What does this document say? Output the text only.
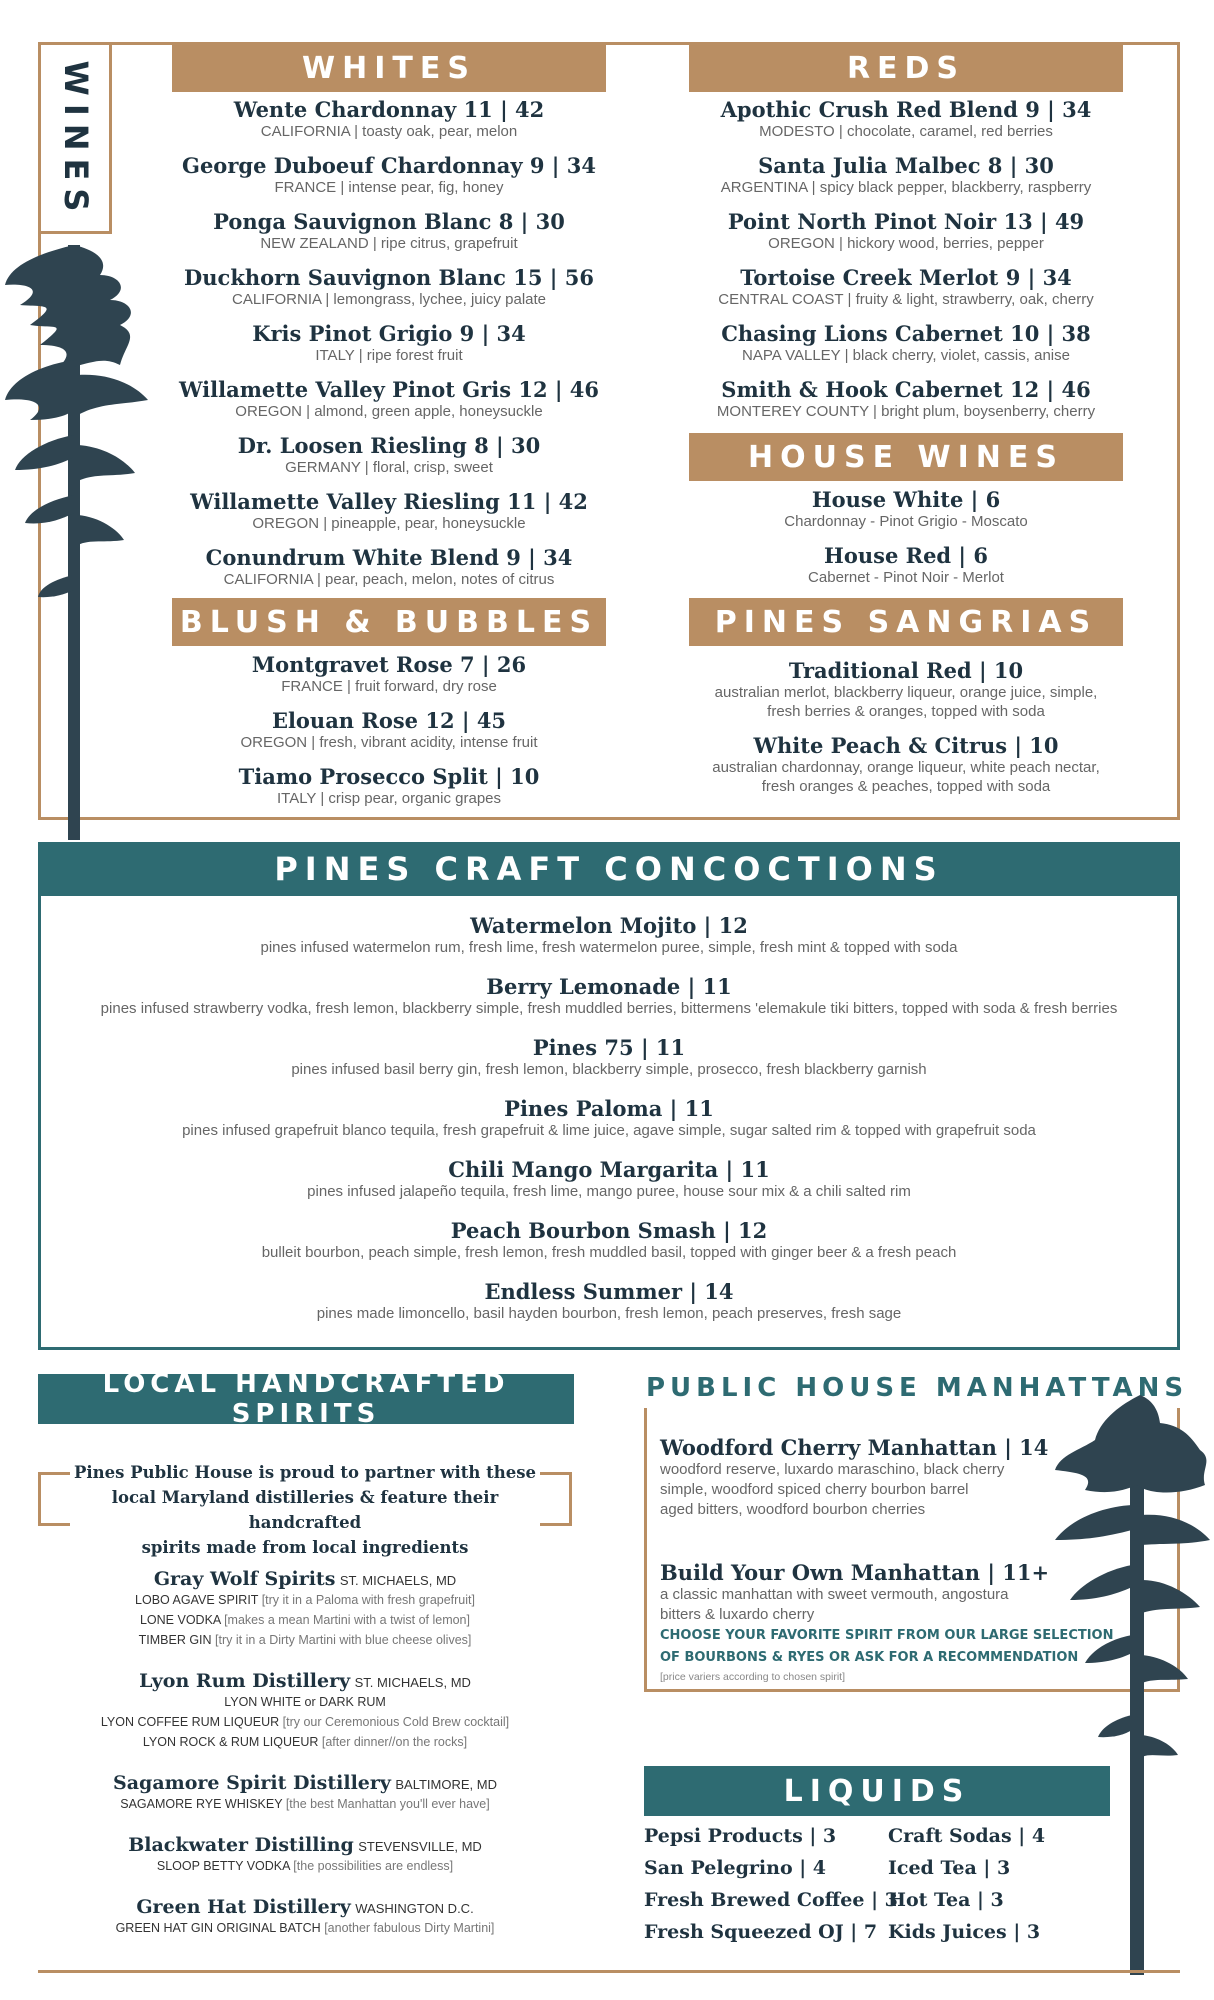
WINES	WHITES
Wente Chardonnay 11 | 42
CALIFORNIA | toasty oak, pear, melon
George Duboeuf Chardonnay 9 | 34
FRANCE | intense pear, fig, honey
Ponga Sauvignon Blanc 8 | 30
NEW ZEALAND | ripe citrus, grapefruit
Duckhorn Sauvignon Blanc 15 | 56
CALIFORNIA | lemongrass, lychee, juicy palate
Kris Pinot Grigio 9 | 34
ITALY | ripe forest fruit
Willamette Valley Pinot Gris 12 | 46
OREGON | almond, green apple, honeysuckle
Dr. Loosen Riesling 8 | 30
GERMANY | floral, crisp, sweet
Willamette Valley Riesling 11 | 42
OREGON | pineapple, pear, honeysuckle
Conundrum White Blend 9 | 34
CALIFORNIA | pear, peach, melon, notes of citrus
BLUSH & BUBBLES
Montgravet Rose 7 | 26
FRANCE | fruit forward, dry rose
Elouan Rose 12 | 45
OREGON | fresh, vibrant acidity, intense fruit
Tiamo Prosecco Split | 10
ITALY | crisp pear, organic grapes
REDS
Apothic Crush Red Blend 9 | 34
MODESTO | chocolate, caramel, red berries
Santa Julia Malbec 8 | 30
ARGENTINA | spicy black pepper, blackberry, raspberry
Point North Pinot Noir 13 | 49
OREGON | hickory wood, berries, pepper
Tortoise Creek Merlot 9 | 34
CENTRAL COAST | fruity & light, strawberry, oak, cherry
Chasing Lions Cabernet 10 | 38
NAPA VALLEY | black cherry, violet, cassis, anise
Smith & Hook Cabernet 12 | 46
MONTEREY COUNTY | bright plum, boysenberry, cherry
HOUSE WINES
House White | 6
Chardonnay - Pinot Grigio - Moscato
House Red | 6
Cabernet - Pinot Noir - Merlot
PINES SANGRIAS
Traditional Red | 10
australian merlot, blackberry liqueur, orange juice, simple,
fresh berries & oranges, topped with soda
White Peach & Citrus | 10
australian chardonnay, orange liqueur, white peach nectar,
fresh oranges & peaches, topped with soda
PINES CRAFT CONCOCTIONS
Watermelon Mojito | 12
pines infused watermelon rum, fresh lime, fresh watermelon puree, simple, fresh mint & topped with soda
Berry Lemonade | 11
pines infused strawberry vodka, fresh lemon, blackberry simple, fresh muddled berries, bittermens 'elemakule tiki bitters, topped with soda & fresh berries
Pines 75 | 11
pines infused basil berry gin, fresh lemon, blackberry simple, prosecco, fresh blackberry garnish
Pines Paloma | 11
pines infused grapefruit blanco tequila, fresh grapefruit & lime juice, agave simple, sugar salted rim & topped with grapefruit soda
Chili Mango Margarita | 11
pines infused jalapeño tequila, fresh lime, mango puree, house sour mix & a chili salted rim
Peach Bourbon Smash | 12
bulleit bourbon, peach simple, fresh lemon, fresh muddled basil, topped with ginger beer & a fresh peach
Endless Summer | 14
pines made limoncello, basil hayden bourbon, fresh lemon, peach preserves, fresh sage
LOCAL HANDCRAFTED SPIRITS
Pines Public House is proud to partner with these
local Maryland distilleries & feature their handcrafted
spirits made from local ingredients
Gray Wolf Spirits ST. MICHAELS, MD
LOBO AGAVE SPIRIT [try it in a Paloma with fresh grapefruit]
LONE VODKA [makes a mean Martini with a twist of lemon]
TIMBER GIN [try it in a Dirty Martini with blue cheese olives]
Lyon Rum Distillery ST. MICHAELS, MD
LYON WHITE or DARK RUM
LYON COFFEE RUM LIQUEUR [try our Ceremonious Cold Brew cocktail]
LYON ROCK & RUM LIQUEUR [after dinner//on the rocks]
Sagamore Spirit Distillery BALTIMORE, MD
SAGAMORE RYE WHISKEY [the best Manhattan you'll ever have]
Blackwater Distilling STEVENSVILLE, MD
SLOOP BETTY VODKA [the possibilities are endless]
Green Hat Distillery WASHINGTON D.C.
GREEN HAT GIN ORIGINAL BATCH [another fabulous Dirty Martini]
PUBLIC HOUSE MANHATTANS
Woodford Cherry Manhattan | 14
woodford reserve, luxardo maraschino, black cherry
simple, woodford spiced cherry bourbon barrel
aged bitters, woodford bourbon cherries
Build Your Own Manhattan | 11+
a classic manhattan with sweet vermouth, angostura
bitters & luxardo cherry
CHOOSE YOUR FAVORITE SPIRIT FROM OUR LARGE SELECTION
OF BOURBONS & RYES OR ASK FOR A RECOMMENDATION
[price variers according to chosen spirit]
LIQUIDS
Pepsi Products | 3
San Pelegrino | 4
Fresh Brewed Coffee | 3
Fresh Squeezed OJ | 7
Craft Sodas | 4
Iced Tea | 3
Hot Tea | 3
Kids Juices | 3
